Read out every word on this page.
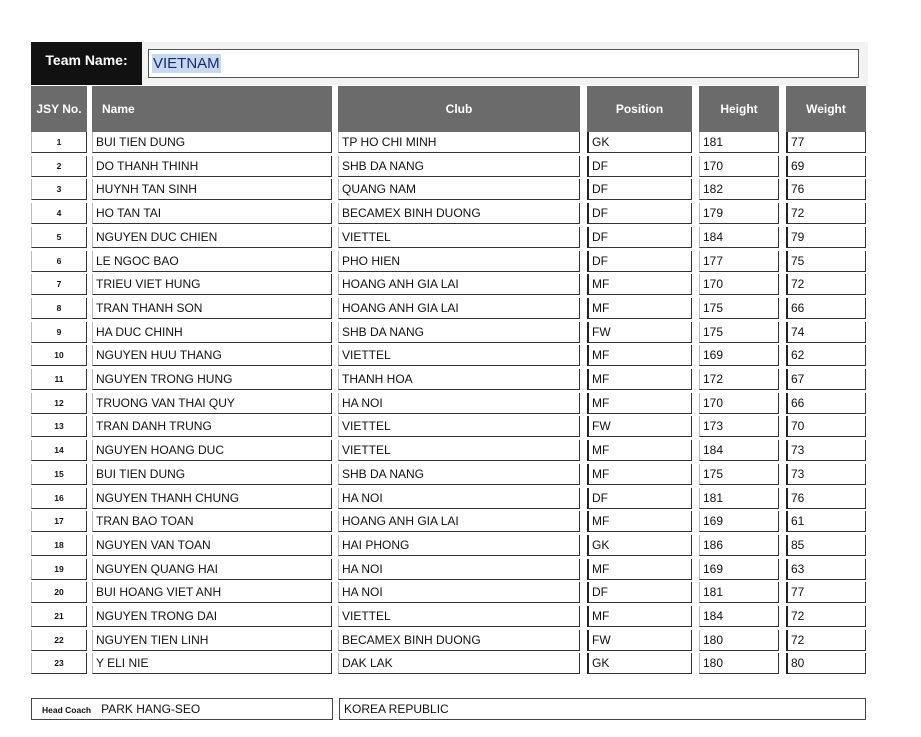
Team Name:	VIETNAM
JSY No.	Name	Club	Position	Height	Weight
1	BUI TIEN DUNG	TP HO CHI MINH	GK	181	77
2	DO THANH THINH	SHB DA NANG	DF	170	69
3	HUYNH TAN SINH	QUANG NAM	DF	182	76
4	HO TAN TAI	BECAMEX BINH DUONG	DF	179	72
5	NGUYEN DUC CHIEN	VIETTEL	DF	184	79
6	LE NGOC BAO	PHO HIEN	DF	177	75
7	TRIEU VIET HUNG	HOANG ANH GIA LAI	MF	170	72
8	TRAN THANH SON	HOANG ANH GIA LAI	MF	175	66
9	HA DUC CHINH	SHB DA NANG	FW	175	74
10	NGUYEN HUU THANG	VIETTEL	MF	169	62
11	NGUYEN TRONG HUNG	THANH HOA	MF	172	67
12	TRUONG VAN THAI QUY	HA NOI	MF	170	66
13	TRAN DANH TRUNG	VIETTEL	FW	173	70
14	NGUYEN HOANG DUC	VIETTEL	MF	184	73
15	BUI TIEN DUNG	SHB DA NANG	MF	175	73
16	NGUYEN THANH CHUNG	HA NOI	DF	181	76
17	TRAN BAO TOAN	HOANG ANH GIA LAI	MF	169	61
18	NGUYEN VAN TOAN	HAI PHONG	GK	186	85
19	NGUYEN QUANG HAI	HA NOI	MF	169	63
20	BUI HOANG VIET ANH	HA NOI	DF	181	77
21	NGUYEN TRONG DAI	VIETTEL	MF	184	72
22	NGUYEN TIEN LINH	BECAMEX BINH DUONG	FW	180	72
23	Y ELI NIE	DAK LAK	GK	180	80
Head Coach PARK HANG-SEO	KOREA REPUBLIC
